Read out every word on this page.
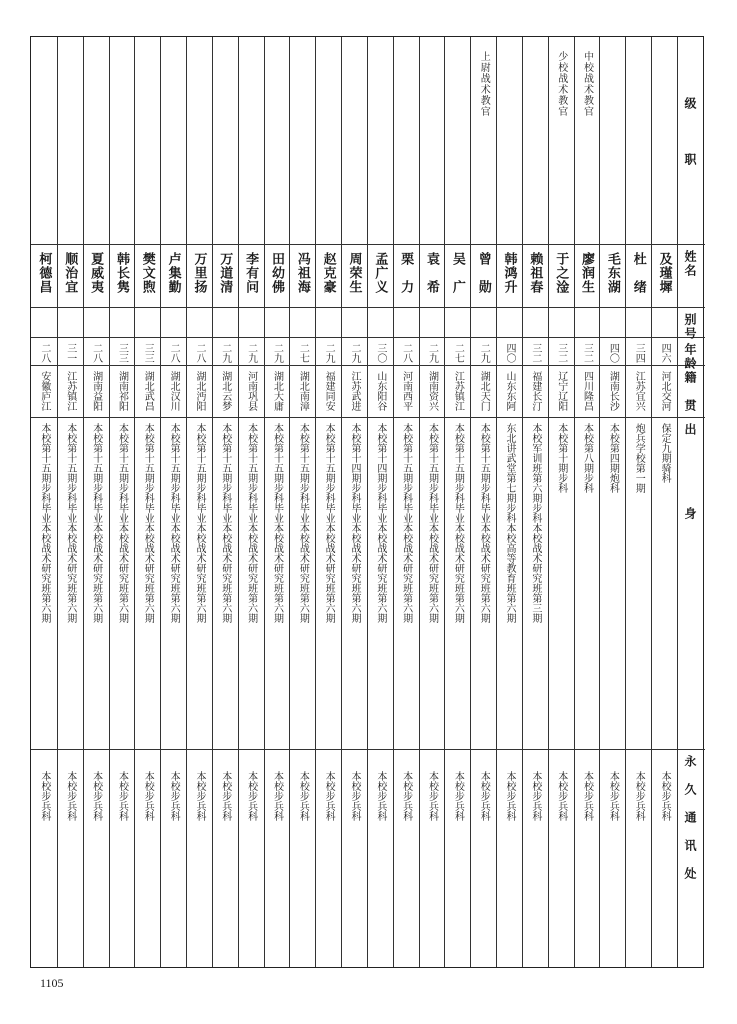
级　职
姓名
别号
年龄
籍　贯
出　　身
永久通讯处
及瑾墀
四六
河北交河
保定九期骑科
本校步兵科
杜　绪
三四
江苏宜兴
炮兵学校第一期
本校步兵科
毛东湖
四〇
湖南长沙
本校第四期炮科
本校步兵科
中校战术教官
廖润生
三二
四川隆昌
本校第八期步科
本校步兵科
少校战术教官
于之淦
三二
辽宁辽阳
本校第十期步科
本校步兵科
赖祖春
三二
福建长汀
本校军训班第六期步科本校战术研究班第三期
本校步兵科
韩鸿升
四〇
山东东阿
东北讲武堂第七期步科本校高等教育班第六期
本校步兵科
上尉战术教官
曾　勋
二九
湖北天门
本校第十五期步科毕业本校战术研究班第六期
本校步兵科
吴　广
二七
江苏镇江
本校第十五期步科毕业本校战术研究班第六期
本校步兵科
袁　希
二九
湖南资兴
本校第十五期步科毕业本校战术研究班第六期
本校步兵科
栗　力
二八
河南西平
本校第十五期步科毕业本校战术研究班第六期
本校步兵科
孟广义
三〇
山东阳谷
本校第十四期步科毕业本校战术研究班第六期
本校步兵科
周荣生
二九
江苏武进
本校第十四期步科毕业本校战术研究班第六期
本校步兵科
赵克豪
二九
福建同安
本校第十五期步科毕业本校战术研究班第六期
本校步兵科
冯祖海
二七
湖北南漳
本校第十五期步科毕业本校战术研究班第六期
本校步兵科
田幼佛
二九
湖北大庸
本校第十五期步科毕业本校战术研究班第六期
本校步兵科
李有问
二九
河南巩县
本校第十五期步科毕业本校战术研究班第六期
本校步兵科
万道清
二九
湖北云梦
本校第十五期步科毕业本校战术研究班第六期
本校步兵科
万里扬
二八
湖北沔阳
本校第十五期步科毕业本校战术研究班第六期
本校步兵科
卢集勤
二八
湖北汉川
本校第十五期步科毕业本校战术研究班第六期
本校步兵科
樊文煦
三三
湖北武昌
本校第十五期步科毕业本校战术研究班第六期
本校步兵科
韩长隽
三三
湖南祁阳
本校第十五期步科毕业本校战术研究班第六期
本校步兵科
夏威夷
二八
湖南益阳
本校第十五期步科毕业本校战术研究班第六期
本校步兵科
顺治宜
三一
江苏镇江
本校第十五期步科毕业本校战术研究班第六期
本校步兵科
柯德昌
二八
安徽庐江
本校第十五期步科毕业本校战术研究班第六期
本校步兵科
1105
